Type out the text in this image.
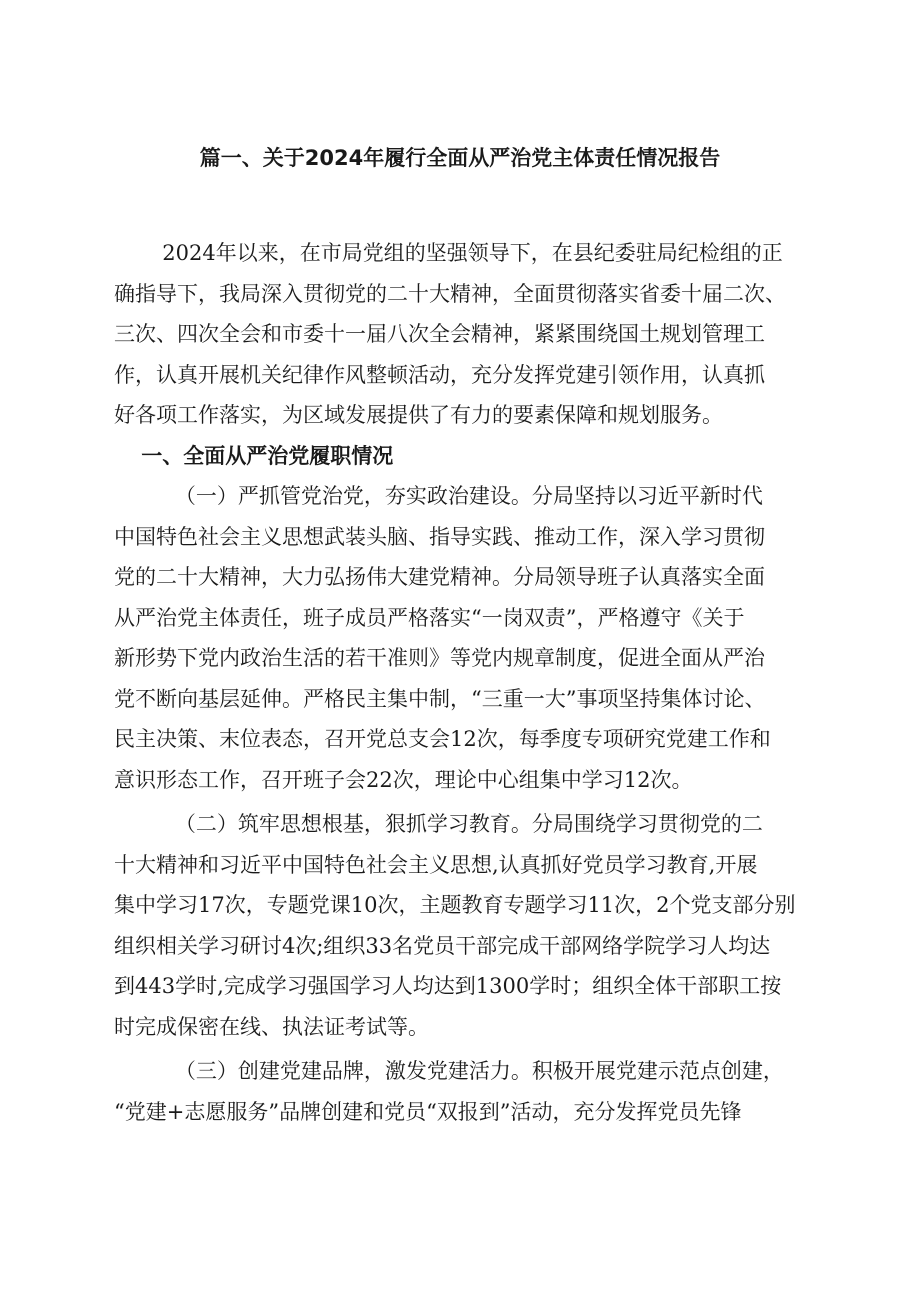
篇一、关于2024年履行全面从严治党主体责任情况报告
2024年以来，在市局党组的坚强领导下，在县纪委驻局纪检组的正
确指导下，我局深入贯彻党的二十大精神，全面贯彻落实省委十届二次、
三次、四次全会和市委十一届八次全会精神，紧紧围绕国土规划管理工
作，认真开展机关纪律作风整顿活动，充分发挥党建引领作用，认真抓
好各项工作落实，为区域发展提供了有力的要素保障和规划服务。
一、全面从严治党履职情况
（一）严抓管党治党，夯实政治建设。分局坚持以习近平新时代
中国特色社会主义思想武装头脑、指导实践、推动工作，深入学习贯彻
党的二十大精神，大力弘扬伟大建党精神。分局领导班子认真落实全面
从严治党主体责任，班子成员严格落实“一岗双责”，严格遵守《关于
新形势下党内政治生活的若干准则》等党内规章制度，促进全面从严治
党不断向基层延伸。严格民主集中制，“三重一大”事项坚持集体讨论、
民主决策、末位表态，召开党总支会12次，每季度专项研究党建工作和
意识形态工作，召开班子会22次，理论中心组集中学习12次。
（二）筑牢思想根基，狠抓学习教育。分局围绕学习贯彻党的二
十大精神和习近平中国特色社会主义思想,认真抓好党员学习教育,开展
集中学习17次，专题党课10次，主题教育专题学习11次，2个党支部分别
组织相关学习研讨4次;组织33名党员干部完成干部网络学院学习人均达
到443学时,完成学习强国学习人均达到1300学时；组织全体干部职工按
时完成保密在线、执法证考试等。
（三）创建党建品牌，激发党建活力。积极开展党建示范点创建，
“党建+志愿服务”品牌创建和党员“双报到”活动，充分发挥党员先锋
